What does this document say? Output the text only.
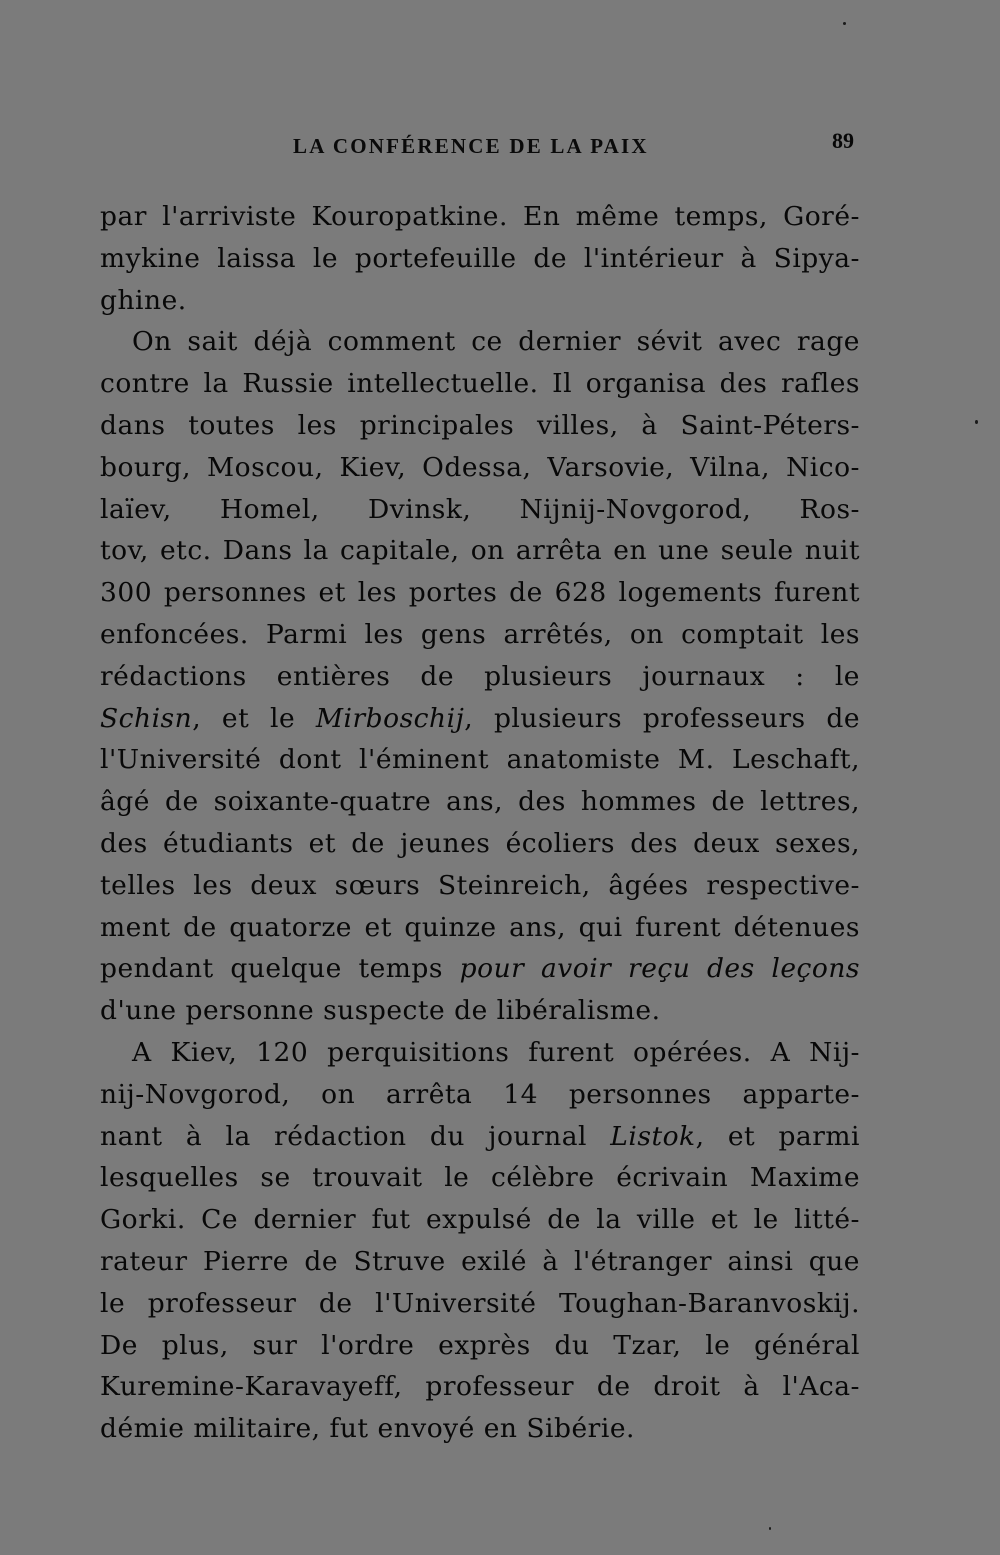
LA CONFÉRENCE DE LA PAIX	89
par l'arriviste Kouropatkine. En même temps, Goré-
mykine laissa le portefeuille de l'intérieur à Sipya-
ghine.
On sait déjà comment ce dernier sévit avec rage
contre la Russie intellectuelle. Il organisa des rafles
dans toutes les principales villes, à Saint-Péters-
bourg, Moscou, Kiev, Odessa, Varsovie, Vilna, Nico-
laïev, Homel, Dvinsk, Nijnij-Novgorod, Ros-
tov, etc. Dans la capitale, on arrêta en une seule nuit
300 personnes et les portes de 628 logements furent
enfoncées. Parmi les gens arrêtés, on comptait les
rédactions entières de plusieurs journaux : le
Schisn, et le Mirboschij, plusieurs professeurs de
l'Université dont l'éminent anatomiste M. Leschaft,
âgé de soixante-quatre ans, des hommes de lettres,
des étudiants et de jeunes écoliers des deux sexes,
telles les deux sœurs Steinreich, âgées respective-
ment de quatorze et quinze ans, qui furent détenues
pendant quelque temps pour avoir reçu des leçons
d'une personne suspecte de libéralisme.
A Kiev, 120 perquisitions furent opérées. A Nij-
nij-Novgorod, on arrêta 14 personnes apparte-
nant à la rédaction du journal Listok, et parmi
lesquelles se trouvait le célèbre écrivain Maxime
Gorki. Ce dernier fut expulsé de la ville et le litté-
rateur Pierre de Struve exilé à l'étranger ainsi que
le professeur de l'Université Toughan-Baranvoskij.
De plus, sur l'ordre exprès du Tzar, le général
Kuremine-Karavayeff, professeur de droit à l'Aca-
démie militaire, fut envoyé en Sibérie.
